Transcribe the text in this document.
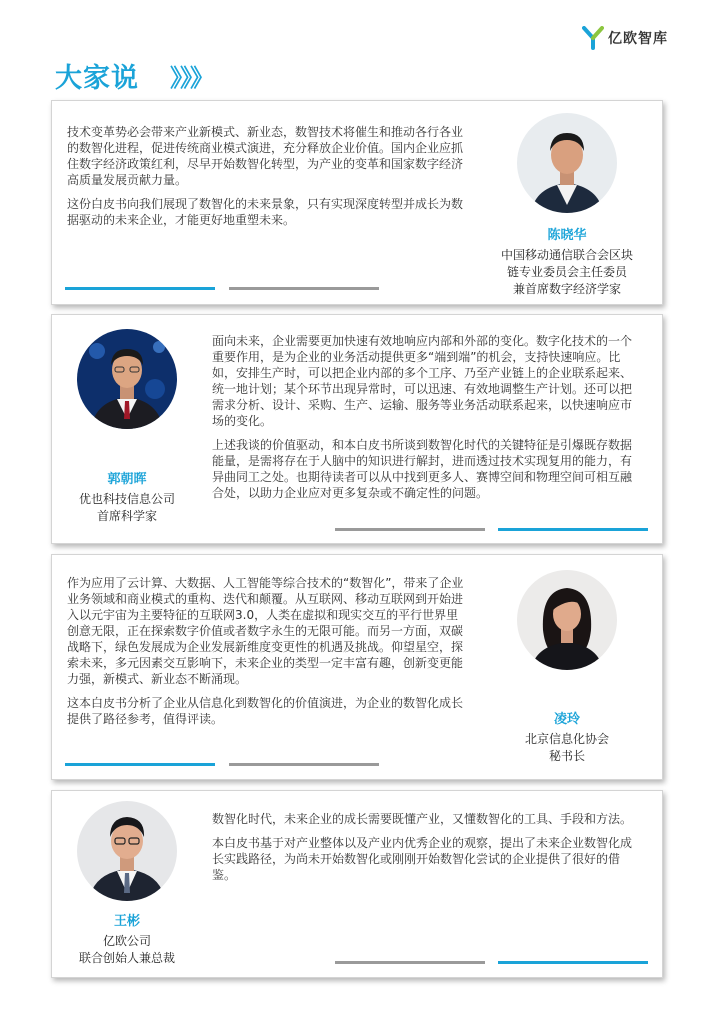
亿欧智库
大家说 》》》

技术变革势必会带来产业新模式、新业态，数智技术将催生和推动各行各业的数智化进程，促进传统商业模式演进，充分释放企业价值。国内企业应抓住数字经济政策红利，尽早开始数智化转型，为产业的变革和国家数字经济高质量发展贡献力量。

这份白皮书向我们展现了数智化的未来景象，只有实现深度转型并成长为数据驱动的未来企业，才能更好地重塑未来。

陈晓华
中国移动通信联合会区块
链专业委员会主任委员
兼首席数字经济学家
郭朝晖
优也科技信息公司
首席科学家

面向未来，企业需要更加快速有效地响应内部和外部的变化。数字化技术的一个重要作用，是为企业的业务活动提供更多“端到端”的机会，支持快速响应。比如，安排生产时，可以把企业内部的多个工序、乃至产业链上的企业联系起来、统一地计划；某个环节出现异常时，可以迅速、有效地调整生产计划。还可以把需求分析、设计、采购、生产、运输、服务等业务活动联系起来，以快速响应市场的变化。

上述我谈的价值驱动，和本白皮书所谈到数智化时代的关键特征是引爆既存数据能量，是需将存在于人脑中的知识进行解封，进而透过技术实现复用的能力，有异曲同工之处。也期待读者可以从中找到更多人、赛博空间和物理空间可相互融合处，以助力企业应对更多复杂或不确定性的问题。

作为应用了云计算、大数据、人工智能等综合技术的“数智化”，带来了企业业务领域和商业模式的重构、迭代和颠覆。从互联网、移动互联网到开始进入以元宇宙为主要特征的互联网3.0，人类在虚拟和现实交互的平行世界里创意无限，正在探索数字价值或者数字永生的无限可能。而另一方面，双碳战略下，绿色发展成为企业发展新维度变更性的机遇及挑战。仰望星空，探索未来，多元因素交互影响下，未来企业的类型一定丰富有趣，创新变更能力强，新模式、新业态不断涌现。

这本白皮书分析了企业从信息化到数智化的价值演进，为企业的数智化成长提供了路径参考，值得评读。	凌玲
北京信息化协会
秘书长
王彬
亿欧公司
联合创始人兼总裁

数智化时代，未来企业的成长需要既懂产业，又懂数智化的工具、手段和方法。

本白皮书基于对产业整体以及产业内优秀企业的观察，提出了未来企业数智化成长实践路径，为尚未开始数智化或刚刚开始数智化尝试的企业提供了很好的借鉴。
